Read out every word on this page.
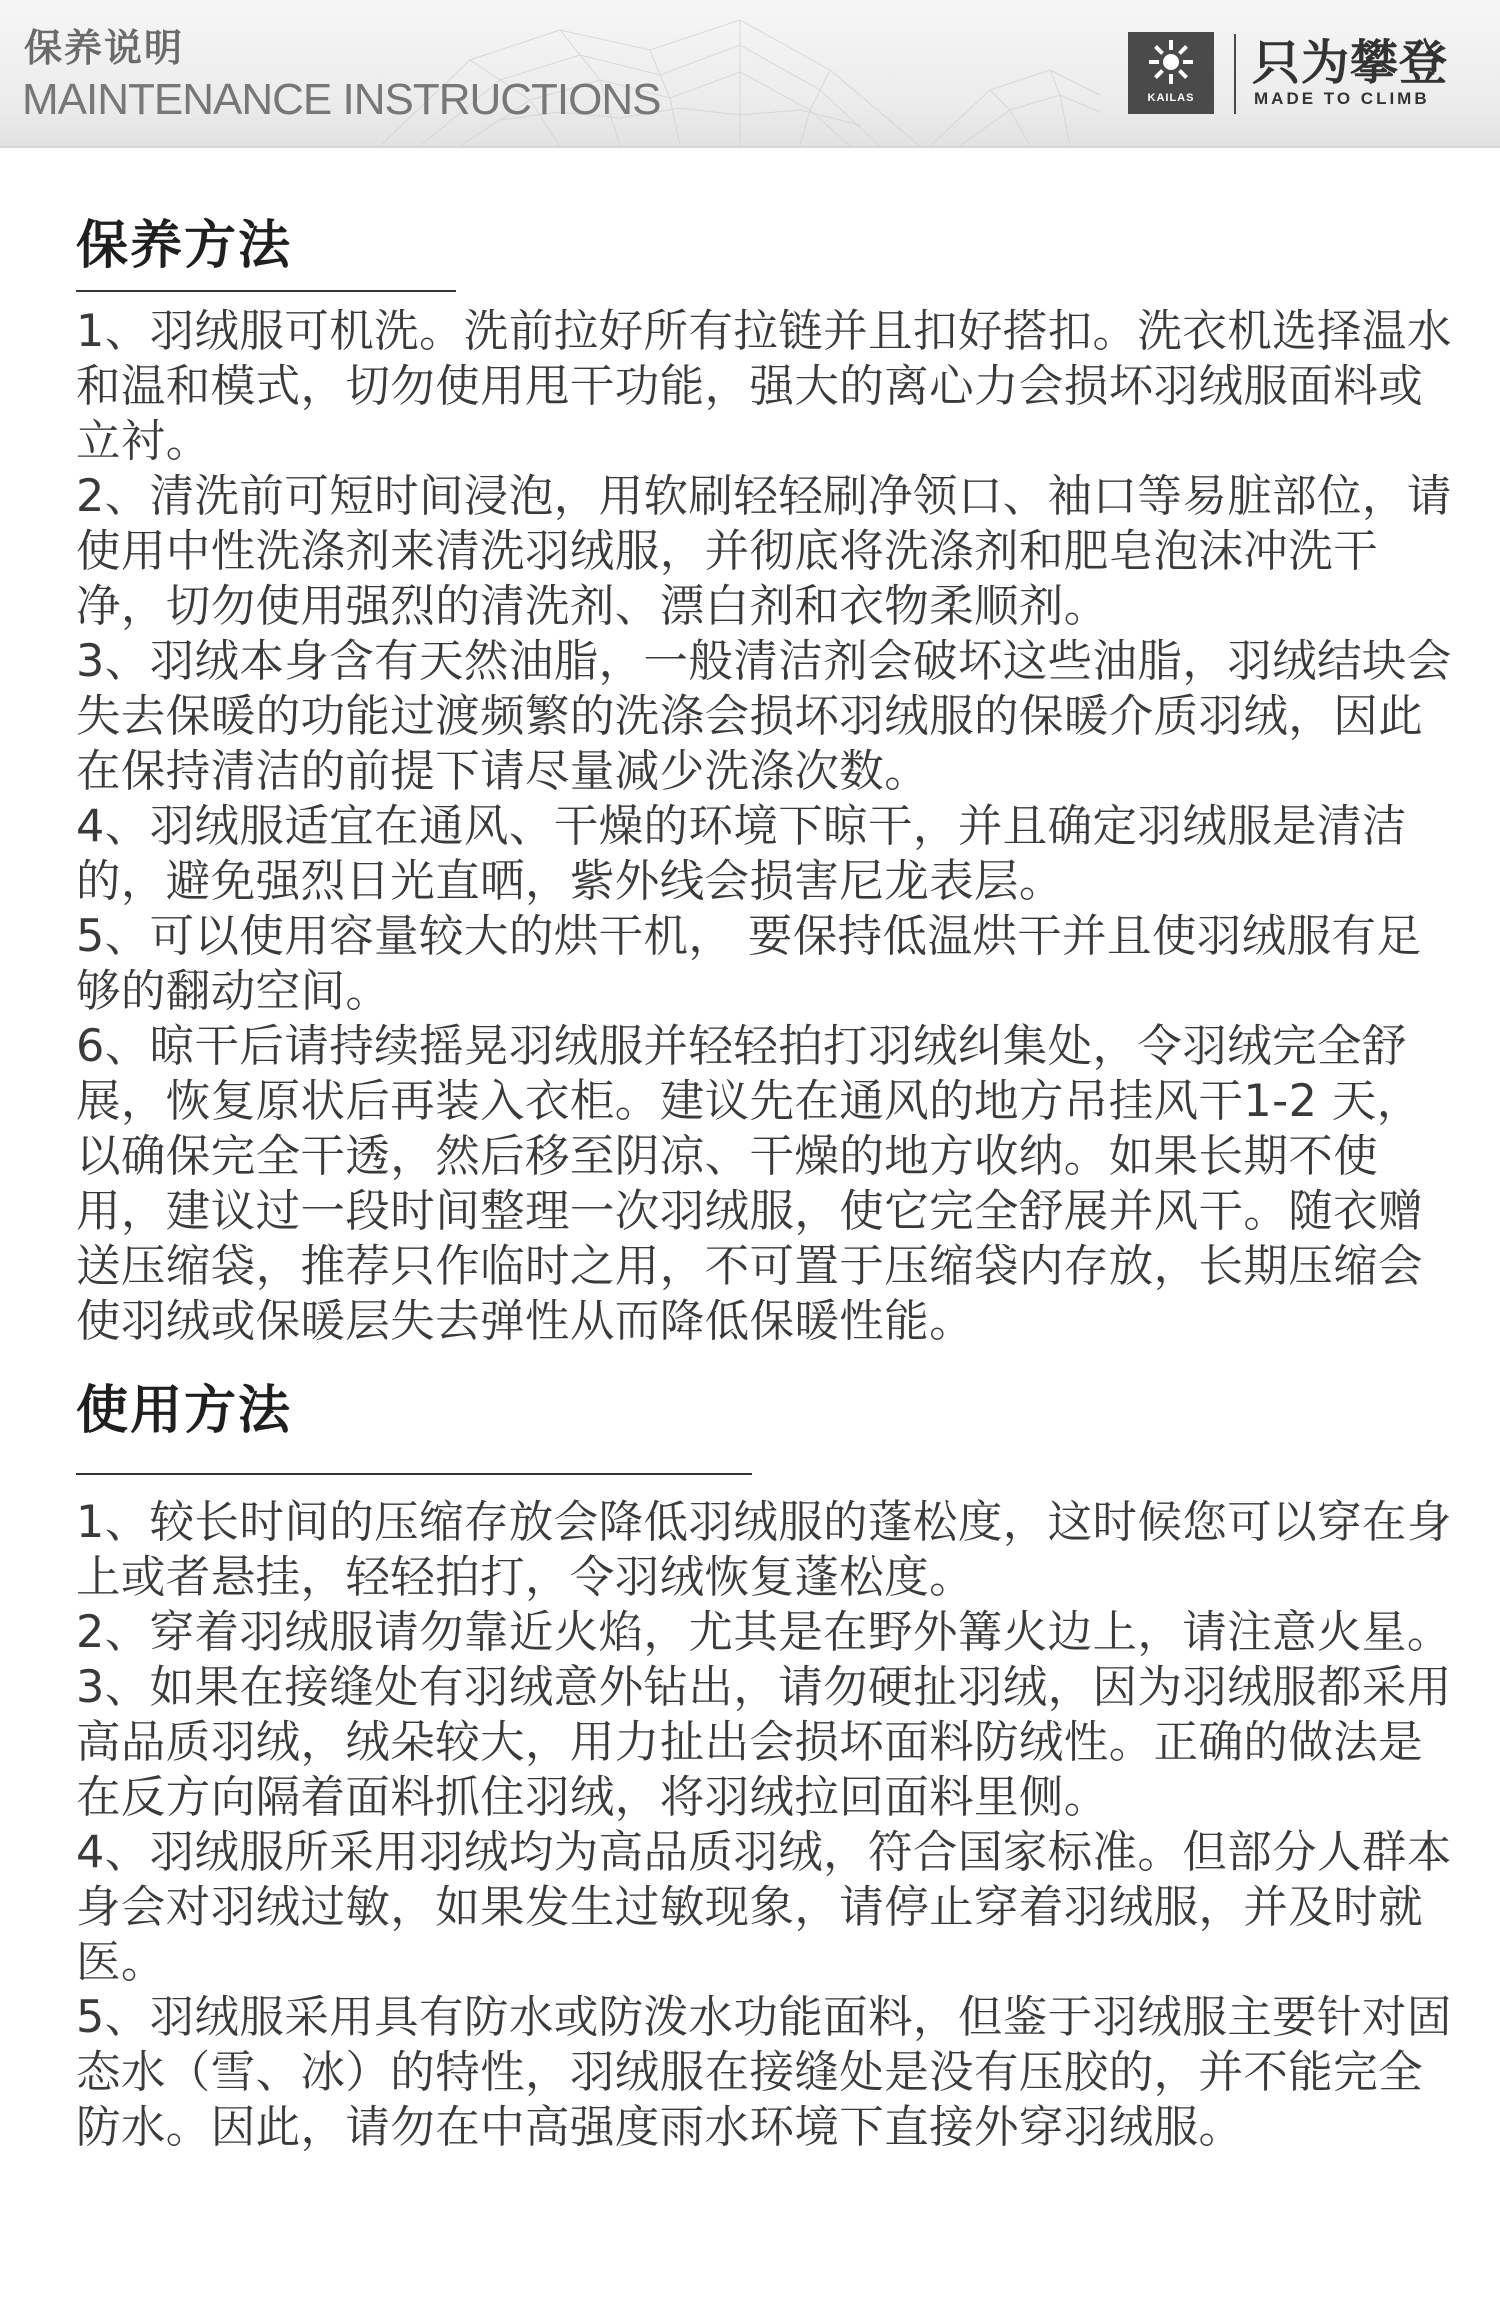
保养说明
MAINTENANCE INSTRUCTIONS	KAILAS
只为攀登
MADE TO CLIMB
保养方法

1、羽绒服可机洗。洗前拉好所有拉链并且扣好搭扣。洗衣机选择温水和温和模式，切勿使用甩干功能，强大的离心力会损坏羽绒服面料或立衬。

2、清洗前可短时间浸泡，用软刷轻轻刷净领口、袖口等易脏部位，请使用中性洗涤剂来清洗羽绒服，并彻底将洗涤剂和肥皂泡沫冲洗干净，切勿使用强烈的清洗剂、漂白剂和衣物柔顺剂。

3、羽绒本身含有天然油脂，一般清洁剂会破坏这些油脂，羽绒结块会失去保暖的功能过渡频繁的洗涤会损坏羽绒服的保暖介质羽绒，因此在保持清洁的前提下请尽量减少洗涤次数。

4、羽绒服适宜在通风、干燥的环境下晾干，并且确定羽绒服是清洁的，避免强烈日光直晒，紫外线会损害尼龙表层。

5、可以使用容量较大的烘干机， 要保持低温烘干并且使羽绒服有足够的翻动空间。

6、晾干后请持续摇晃羽绒服并轻轻拍打羽绒纠集处，令羽绒完全舒展，恢复原状后再装入衣柜。建议先在通风的地方吊挂风干1-2 天，以确保完全干透，然后移至阴凉、干燥的地方收纳。如果长期不使用，建议过一段时间整理一次羽绒服，使它完全舒展并风干。随衣赠送压缩袋，推荐只作临时之用，不可置于压缩袋内存放，长期压缩会使羽绒或保暖层失去弹性从而降低保暖性能。

使用方法

1、较长时间的压缩存放会降低羽绒服的蓬松度，这时候您可以穿在身上或者悬挂，轻轻拍打，令羽绒恢复蓬松度。

2、穿着羽绒服请勿靠近火焰，尤其是在野外篝火边上，请注意火星。

3、如果在接缝处有羽绒意外钻出，请勿硬扯羽绒，因为羽绒服都采用高品质羽绒，绒朵较大，用力扯出会损坏面料防绒性。正确的做法是在反方向隔着面料抓住羽绒，将羽绒拉回面料里侧。

4、羽绒服所采用羽绒均为高品质羽绒，符合国家标准。但部分人群本身会对羽绒过敏，如果发生过敏现象，请停止穿着羽绒服，并及时就医。

5、羽绒服采用具有防水或防泼水功能面料，但鉴于羽绒服主要针对固态水（雪、冰）的特性，羽绒服在接缝处是没有压胶的，并不能完全防水。因此，请勿在中高强度雨水环境下直接外穿羽绒服。
